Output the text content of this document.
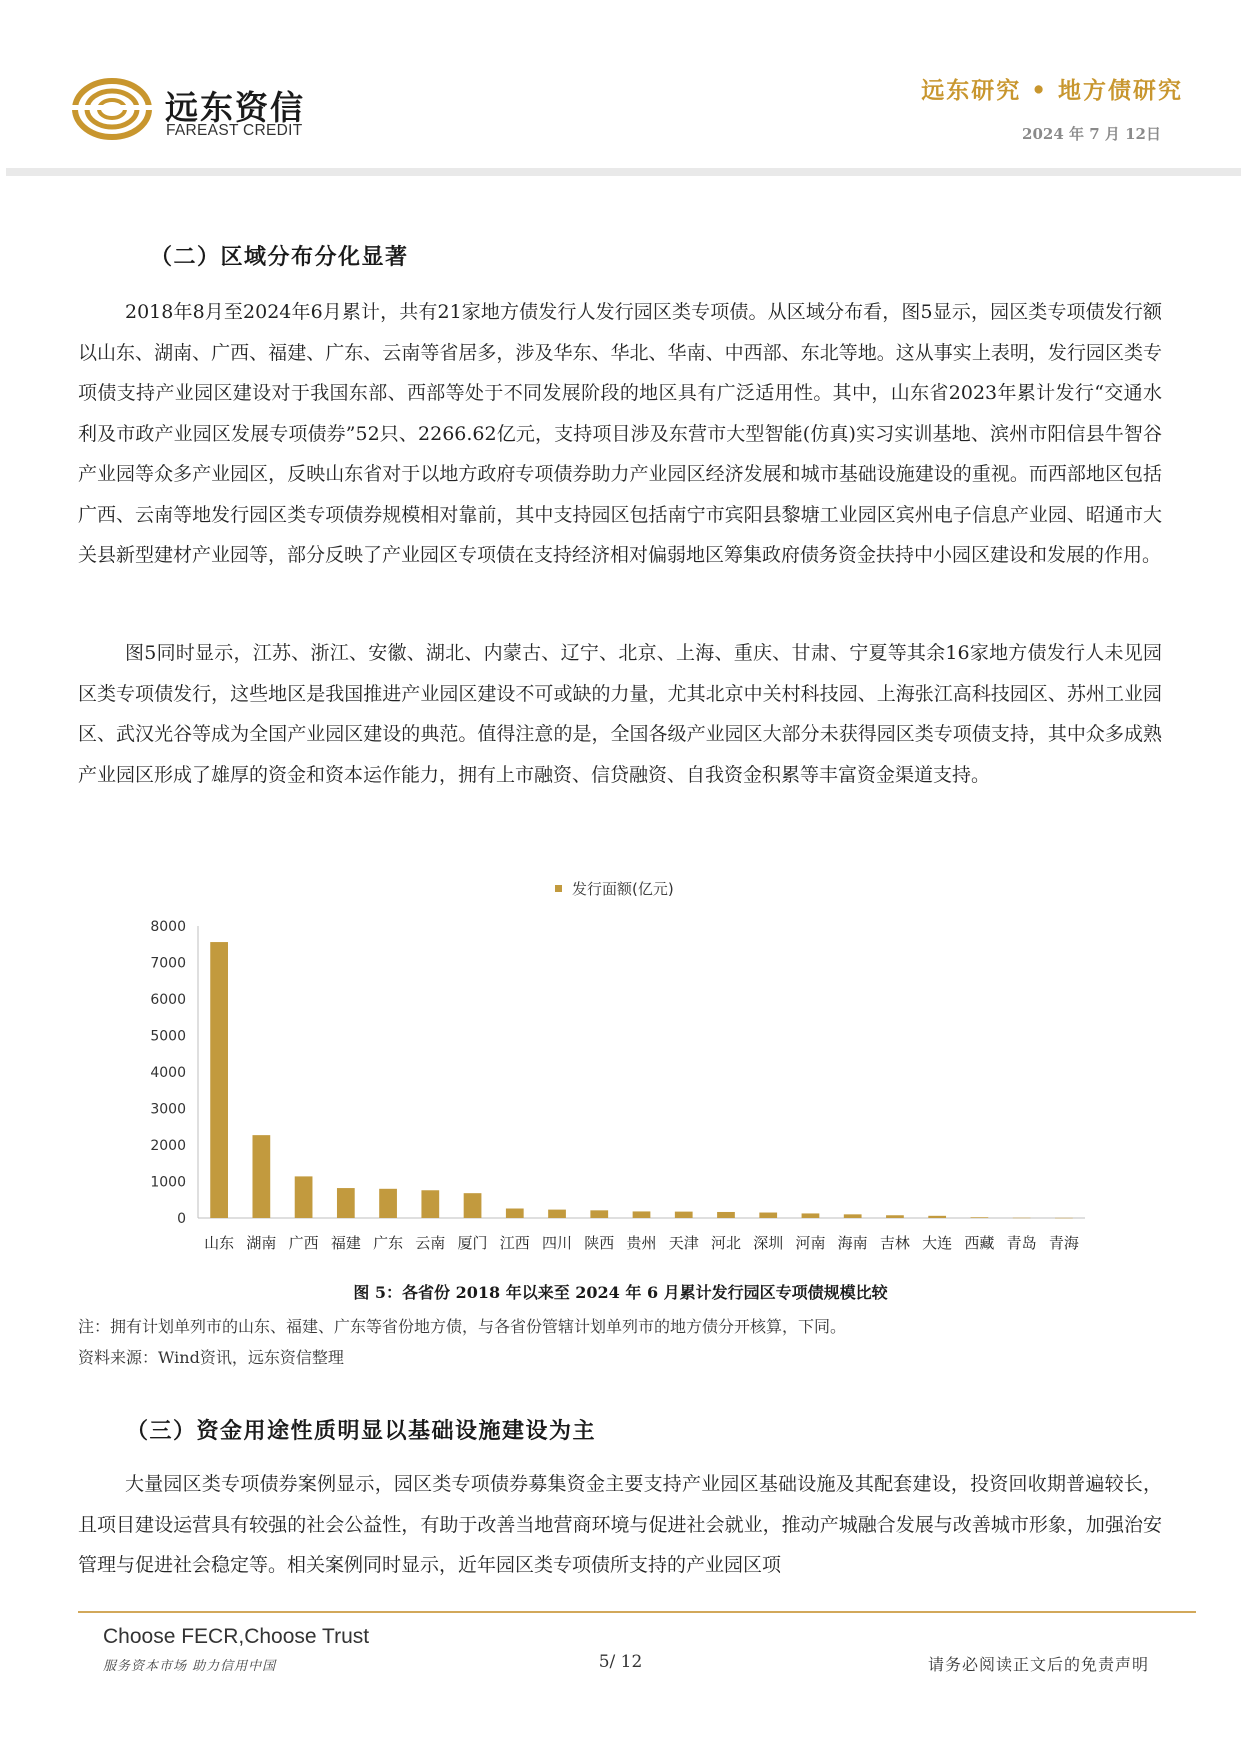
远东资信
FAREAST CREDIT
远东研究 • 地方债研究
2024 年 7 月 12日
（二）区域分布分化显著
2018年8月至2024年6月累计，共有21家地方债发行人发行园区类专项债。从区域分布看，图5显示，园区类专项债发行额以山东、湖南、广西、福建、广东、云南等省居多，涉及华东、华北、华南、中西部、东北等地。这从事实上表明，发行园区类专项债支持产业园区建设对于我国东部、西部等处于不同发展阶段的地区具有广泛适用性。其中，山东省2023年累计发行“交通水利及市政产业园区发展专项债券”52只、2266.62亿元，支持项目涉及东营市大型智能(仿真)实习实训基地、滨州市阳信县牛智谷产业园等众多产业园区，反映山东省对于以地方政府专项债券助力产业园区经济发展和城市基础设施建设的重视。而西部地区包括广西、云南等地发行园区类专项债券规模相对靠前，其中支持园区包括南宁市宾阳县黎塘工业园区宾州电子信息产业园、昭通市大关县新型建材产业园等，部分反映了产业园区专项债在支持经济相对偏弱地区筹集政府债务资金扶持中小园区建设和发展的作用。
图5同时显示，江苏、浙江、安徽、湖北、内蒙古、辽宁、北京、上海、重庆、甘肃、宁夏等其余16家地方债发行人未见园区类专项债发行，这些地区是我国推进产业园区建设不可或缺的力量，尤其北京中关村科技园、上海张江高科技园区、苏州工业园区、武汉光谷等成为全国产业园区建设的典范。值得注意的是，全国各级产业园区大部分未获得园区类专项债支持，其中众多成熟产业园区形成了雄厚的资金和资本运作能力，拥有上市融资、信贷融资、自我资金积累等丰富资金渠道支持。
发行面额(亿元)
0
1000
2000
3000
4000
5000
6000
7000
8000
山东 湖南 广西 福建 广东 云南 厦门 江西 四川 陕西 贵州 天津 河北 深圳 河南 海南 吉林 大连 西藏 青岛 青海
图 5：各省份 2018 年以来至 2024 年 6 月累计发行园区专项债规模比较
注：拥有计划单列市的山东、福建、广东等省份地方债，与各省份管辖计划单列市的地方债分开核算，下同。
资料来源：Wind资讯，远东资信整理
（三）资金用途性质明显以基础设施建设为主
大量园区类专项债券案例显示，园区类专项债券募集资金主要支持产业园区基础设施及其配套建设，投资回收期普遍较长，且项目建设运营具有较强的社会公益性，有助于改善当地营商环境与促进社会就业，推动产城融合发展与改善城市形象，加强治安管理与促进社会稳定等。相关案例同时显示，近年园区类专项债所支持的产业园区项
Choose FECR,Choose Trust
服务资本市场 助力信用中国	5/ 12	请务必阅读正文后的免责声明
